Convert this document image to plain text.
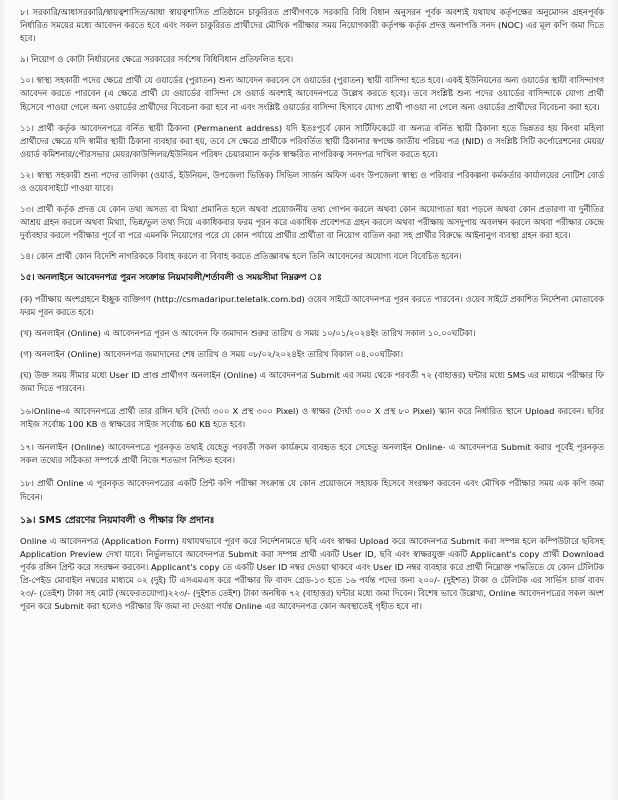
৮। সরকারি/আধাসরকারি/স্বায়ত্বশাসিত/আধা স্বায়ত্বশাসিত প্রতিষ্ঠানে চাকুরিরত প্রার্থীগণকে সরকারি বিধি বিধান অনুসরন পূর্বক অবশ্যই যথাযথ কর্তৃপক্ষের অনুমোদন গ্রহনপূর্বক নির্ধারিত সময়ের মধ্যে আবেদন করতে হবে এবং সকল চাকুরিরত প্রার্থীদের মৌখিক পরীক্ষার সময় নিয়োগকারী কর্তৃপক্ষ কর্তৃক প্রদত্ত অনাপত্তি সনদ (NOC) এর মূল কপি জমা দিতে হবে।

৯। নিয়োগ ও কোটা নির্ধারনের ক্ষেত্রে সরকারের সর্বশেষ বিধিবিধান প্রতিফলিত হবে।

১০। স্বাস্থ্য সহকারী পদের ক্ষেত্রে প্রার্থী যে ওয়ার্ডের (পুরাতন) শুন্য আবেদন করবেন সে ওয়ার্ডের (পুরাতন) স্থায়ী বাসিন্দা হতে হবে। একই ইউনিয়নের অন্য ওয়ার্ডের স্থায়ী বাসিন্দাগণ আবেদন করতে পারবেন (এ ক্ষেত্রে প্রার্থী যে ওয়ার্ডের বাসিন্দা সে ওয়ার্ড অবশ্যই আবেদনপত্রে উল্লেখ করতে হবে)। তবে সংশ্লিষ্ট শুন্য পদের ওয়ার্ডের বাসিন্দাকে যোগ্য প্রার্থী হিসেবে পাওয়া গেলে অন্য ওয়ার্ডের প্রার্থীদের বিবেচনা করা হবে না এবং সংশ্লিষ্ট ওয়ার্ডের বাসিন্দা হিসাবে যোগ্য প্রার্থী পাওয়া না গেলে অন্য ওয়ার্ডের প্রার্থীদের বিবেচনা করা হবে।

১১। প্রার্থী কর্তৃক আবেদনপত্রে বর্নিত স্থায়ী ঠিকানা (Permanent address) যদি ইতঃপূর্বে কোন সার্টিফিকেটে বা অন্যত্র বর্নিত স্থায়ী ঠিকানা হতে ভিন্নতর হয় কিংবা মহিলা প্রার্থীদের ক্ষেত্রে যদি স্বামীর স্থায়ী ঠিকানা ব্যবহার করা হয়, তবে সে ক্ষেত্রে প্রার্থীকে পরিবর্তিত স্থায়ী ঠিকানার স্বপক্ষে জাতীয় পরিচয় পত্র (NID) ও সংশ্লিষ্ট সিটি কর্পোরেশনের মেয়র/ওয়ার্ড কমিশনার/পৌরসভার মেয়র/কাউন্সিলর/ইউনিয়ন পরিষদ চেয়ারম্যান কর্তৃক স্বাক্ষরিত নাগরিকত্ব সনদপত্র দাখিল করতে হবে।

১২। স্বাস্থ্য সহকারী শুন্য পদের তালিকা (ওয়ার্ড, ইউনিয়ন, উপজেলা ভিত্তিক) সিভিল সার্জন অফিস এবং উপজেলা স্বাস্থ্য ও পরিবার পরিকল্পনা কর্মকর্তার কার্যালয়ের নোটিশ বোর্ড ও ওয়েবসাইটে পাওয়া যাবে।

১৩। প্রার্থী কর্তৃক প্রদত্ত যে কোন তথ্য অসত্য বা মিথ্যা প্রমানিত হলে অথবা প্রয়োজনীয় তথ্য গোপন করলে অথবা কোন অযোগ্যতা ধরা পড়লে অথবা কোন প্রতারণা বা দুর্নীতির আশ্রয় গ্রহন করলে অথবা মিথ্যা, ভিন্ন/ভুল তথ্য দিয়ে একাধিকবার ফরম পূরন করে একাধিক প্রবেশপত্র গ্রহন করলে অথবা পরীক্ষায় অসদুপায় অবলম্বন করলে অথবা পরীক্ষার কেন্দ্রে দুর্ব্যবহার করলে পরীক্ষার পূর্বে বা পরে এমনকি নিয়োগের পরে যে কোন পর্যায়ে প্রার্থীর প্রার্থীতা বা নিয়োগ বাতিল করা সহ প্রার্থীর বিরুদ্ধে আইনানুগ ব্যবস্থা গ্রহন করা হবে।

১৪। কোন প্রার্থী কোন বিদেশি নাগরিককে বিবাহ করলে বা বিবাহ করতে প্রতিজ্ঞাবদ্ধ হলে তিনি আবেদনের অযোগ্য বলে বিবেচিত হবেন।

১৫। অনলাইনে আবেদনপত্র পুরন সংক্রান্ত নিয়মাবলী/শর্তাবলী ও সময়সীমা নিম্নরুপ ঃ

(ক) পরীক্ষায় অংশগ্রহনে ইচ্ছুক ব্যক্তিগণ (http://csmadaripur.teletalk.com.bd) ওয়েব সাইটে আবেদনপত্র পূরন করতে পারবেন। ওয়েব সাইটে প্রকাশিত নির্দেশনা মোতাবেক ফরম পূরন করতে হবে।

(খ) অনলাইন (Online) এ আবেদনপত্র পূরন ও আবেদন ফি জমাদান শুরুর তারিখ ও সময় ১০/০১/২০২৪ইং তারিখ সকাল ১০.০০ঘটিকা।

(গ) অনলাইন (Online) আবেদনপত্র জমাদানের শেষ তারিখ ও সময় ০৮/০২/২০২৪ইং তারিখ বিকাল ০৪.০০ঘটিকা।

(ঘ) উক্ত সময় সীমার মধ্যে User ID প্রাপ্ত প্রার্থীগণ অনলাইন (Online) এ আবেদনপত্র Submit এর সময় থেকে পরবর্তী ৭২ (বাহাত্তর) ঘন্টার মধ্যে SMS এর মাধ্যমে পরীক্ষার ফি জমা দিতে পারবেন।

১৬।Online-এ আবেদনপত্রে প্রার্থী তার রঙ্গিন ছবি (দৈর্ঘ্য ৩০০ X প্রস্থ ৩০০ Pixel) ও স্বাক্ষর (দৈর্ঘ্য ৩০০ X প্রস্থ ৮০ Pixel) স্ক্যান করে নির্ধারিত স্থানে Upload করবেন। ছবির সাইজ সর্বোচ্চ 100 KB ও স্বাক্ষরের সাইজ সর্বোচ্চ 60 KB হতে হবে।

১৭। অনলাইন (Online) আবেদনপত্রে পূরনকৃত তথ্যই যেহেতু পরবর্তী সকল কার্যক্রমে ব্যবহৃত হবে সেহেতু অনলাইন Online- এ আবেদনপত্র Submit করার পূর্বেই পূরনকৃত সকল তথ্যের সঠিকতা সম্পর্কে প্রার্থী নিজে শতভাগ নিশ্চিত হবেন।

১৮। প্রার্থী Online এ পূরনকৃত আবেদনপত্রের একটি প্রিন্ট কপি পরীক্ষা সংক্রান্ত যে কোন প্রয়োজনে সহায়ক হিসেবে সংরক্ষণ করবেন এবং মৌখিক পরীক্ষার সময় এক কপি জমা দিবেন।

১৯। SMS প্রেরণের নিয়মাবলী ও পীক্ষার ফি প্রদানঃ

Online এ আবেদনপত্র (Application Form) যথাযথভাবে পূরণ করে নির্দেশনামতে ছবি এবং স্বাক্ষর Upload করে আবেদনপত্র Submit করা সম্পন্ন হলে কম্পিউটারে ছবিসহ Application Preview দেখা যাবে। নির্ভুলভাবে আবেদনপত্র Submit করা সম্পন্ন প্রার্থী একটি User ID, ছবি এবং স্বাক্ষরযুক্ত একটি Applicant's copy প্রার্থী Download পূর্বক রঙ্গিন প্রিন্ট করে সংরক্ষন করবেন। Applicant's copy তে একটি User ID নম্বর দেওয়া থাকবে এবং User ID নম্বর ব্যবহার করে প্রার্থী নিম্নোক্ত পদ্ধতিতে যে কোন টেলিটক প্রি-পেইড মোবাইল নম্বরের মাধ্যমে ০২ (দুই) টি এসএমএস করে পরীক্ষার ফি বাবদ গ্রেড-১৩ হতে ১৬ পর্যন্ত পদের জন্য ২০০/- (দুইশত) টাকা ও টেলিটক এর সার্ভিস চার্জ বাবদ ২৩/- (তেইশ) টাকা সহ মোট (অফেরতযোগ্য)২২৩/- (দুইশত তেইশ) টাকা অনধিক ৭২ (বাহাত্তর) ঘন্টার মধ্যে জমা দিবেন। বিশেষ ভাবে উল্লেখ্য, Online আবেদনপত্রের সকল অংশ পূরন করে Submit করা হলেও পরীক্ষার ফি জমা না দেওয়া পর্যন্ত Online এর আবেদনপত্র কোন অবস্থাতেই গৃহীত হবে না।
